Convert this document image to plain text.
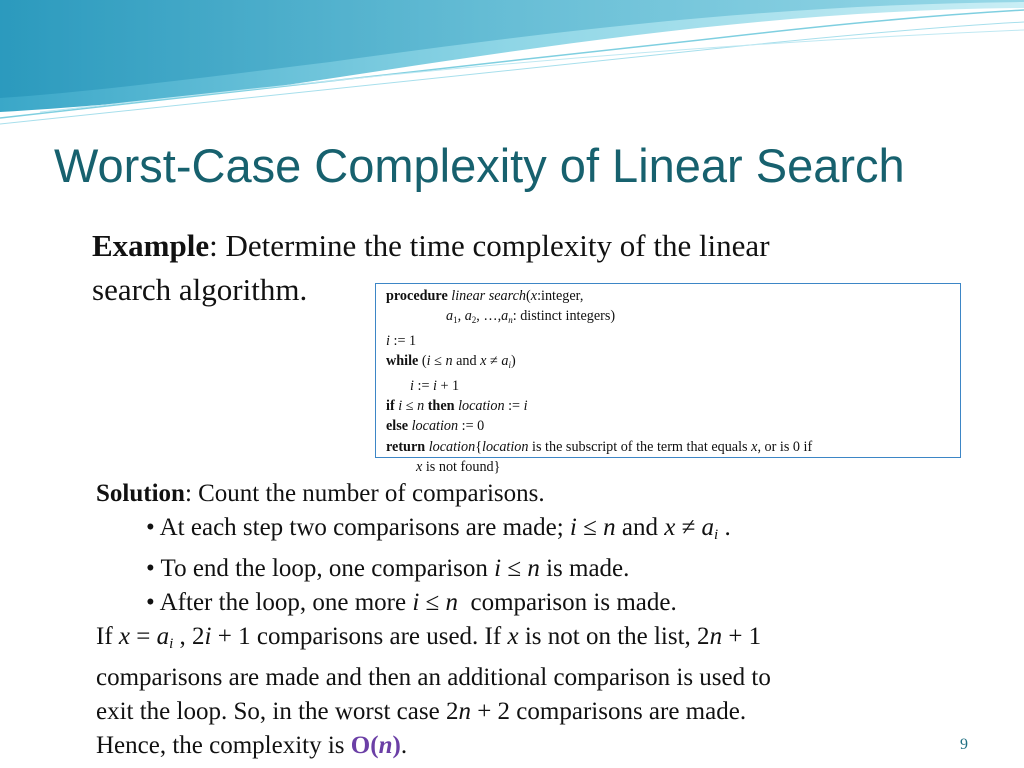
Worst-Case Complexity of Linear Search
Example: Determine the time complexity of the linear
search algorithm.	procedure linear search(x:integer,
$a_1$, $a_2$, $\dots,a_n$: distinct integers)
i := 1
while (i ≤ n and $x \ne a_i$)
i := i + 1
if i ≤ n then location := i
else location := 0
return location{location is the subscript of the term that equals x, or is 0 if
x is not found}
Solution: Count the number of comparisons.
• At each step two comparisons are made; i ≤ n and $x \ne a_i$ .
• To end the loop, one comparison i ≤ n is made.
• After the loop, one more i ≤ n  comparison is made.
If $x = a_i$ , 2i + 1 comparisons are used. If x is not on the list, 2n + 1
comparisons are made and then an additional comparison is used to
exit the loop. So, in the worst case 2n + 2 comparisons are made.
Hence, the complexity is O(n).	9
